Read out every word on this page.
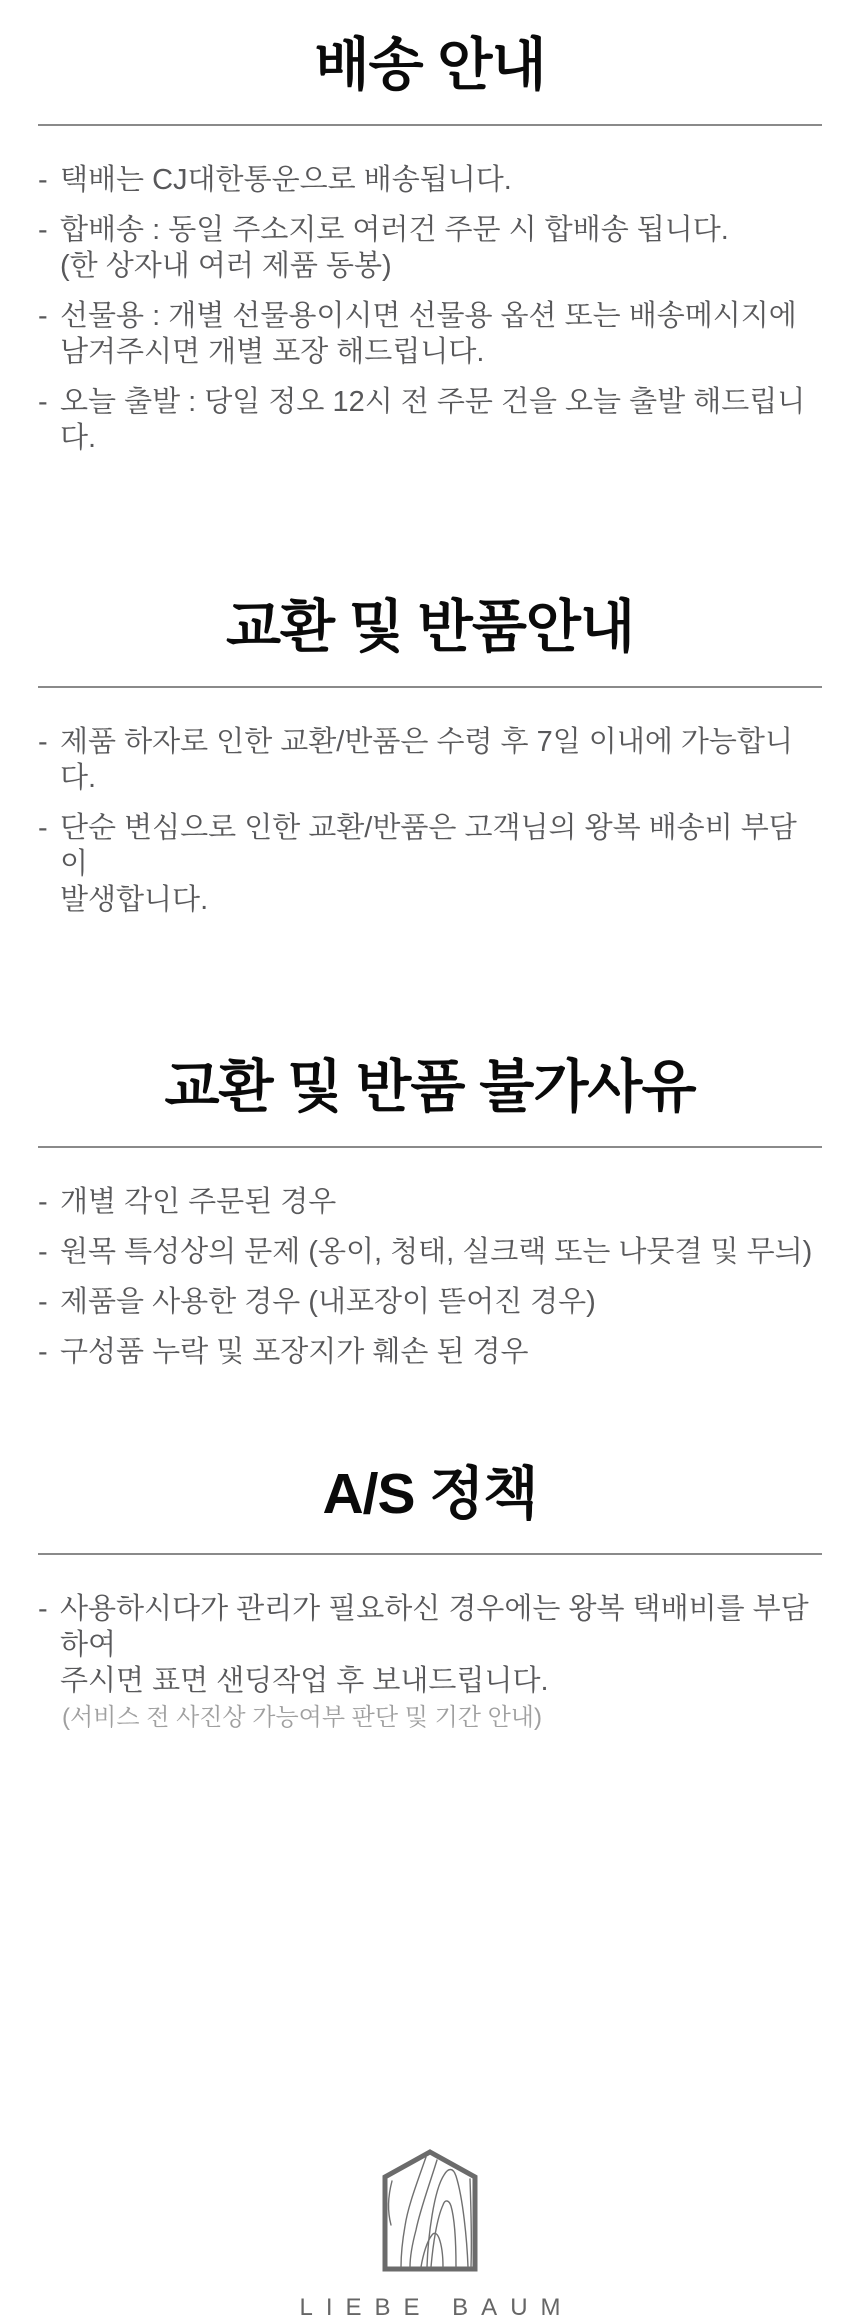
배송 안내
- 택배는 CJ대한통운으로 배송됩니다.
- 합배송 : 동일 주소지로 여러건 주문 시 합배송 됩니다.
(한 상자내 여러 제품 동봉)
- 선물용 : 개별 선물용이시면 선물용 옵션 또는 배송메시지에
남겨주시면 개별 포장 해드립니다.
- 오늘 출발 : 당일 정오 12시 전 주문 건을 오늘 출발 해드립니다.
교환 및 반품안내
- 제품 하자로 인한 교환/반품은 수령 후 7일 이내에 가능합니다.
- 단순 변심으로 인한 교환/반품은 고객님의 왕복 배송비 부담이
발생합니다.
교환 및 반품 불가사유
- 개별 각인 주문된 경우
- 원목 특성상의 문제 (옹이, 청태, 실크랙 또는 나뭇결 및 무늬)
- 제품을 사용한 경우 (내포장이 뜯어진 경우)
- 구성품 누락 및 포장지가 훼손 된 경우
A/S 정책
- 사용하시다가 관리가 필요하신 경우에는 왕복 택배비를 부담하여
주시면 표면 샌딩작업 후 보내드립니다.
(서비스 전 사진상 가능여부 판단 및 기간 안내)
LIEBE BAUM
